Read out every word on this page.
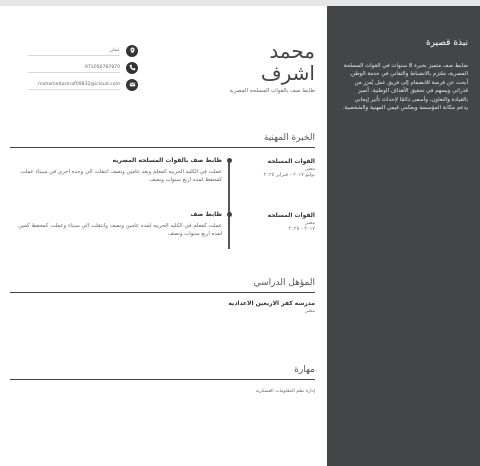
محمد
اشرف
ظابط صف بالقوات المسلحه المصريه
عمان
971056787870
mohamedashraf09832@icloud.com
الخبرة المهنية
القوات المسلحه
مصر
يوليو ٢٠١٧ - فبراير ٢٠٢٥
ظابط صف بالقوات المسلحه المصريه
عملت في الكليه الحربيه كمعلم وبعد عامين ونصف انتقلت الي وحده اخري في سيناء عملت كمحفظ لمده اربع سنوات ونصف
القوات المسلحه
مصر
٢٠١٧ - ٢٠٢٥
ظابط صف
عملت كمعلم في الكليه الحربيه لمده عامين ونصف وانتقلت الي سيناء وعملت كمحفظ كمين لمده اربع سنوات ونصف
المؤهل الدراسي
مدرسه كفر الاربعين الاعداديه
مصر
مهارة
إدارة نظم المعلومات العسكرية
نبذة قصيرة
ضابط صف متميز بخبرة 8 سنوات في القوات المسلحة المصرية، ملتزم بالانضباط والتفاني في خدمة الوطن. أبحث عن فرصة للانضمام إلى فريق عمل يُعزز من قدراتي ويسهم في تحقيق الأهداف الوطنية. أتميز بالقيادة والتعاون، وأسعى دائمًا لإحداث تأثير إيجابي يدعم مكانة المؤسسة ويعكس قيمي المهنية والشخصية.
